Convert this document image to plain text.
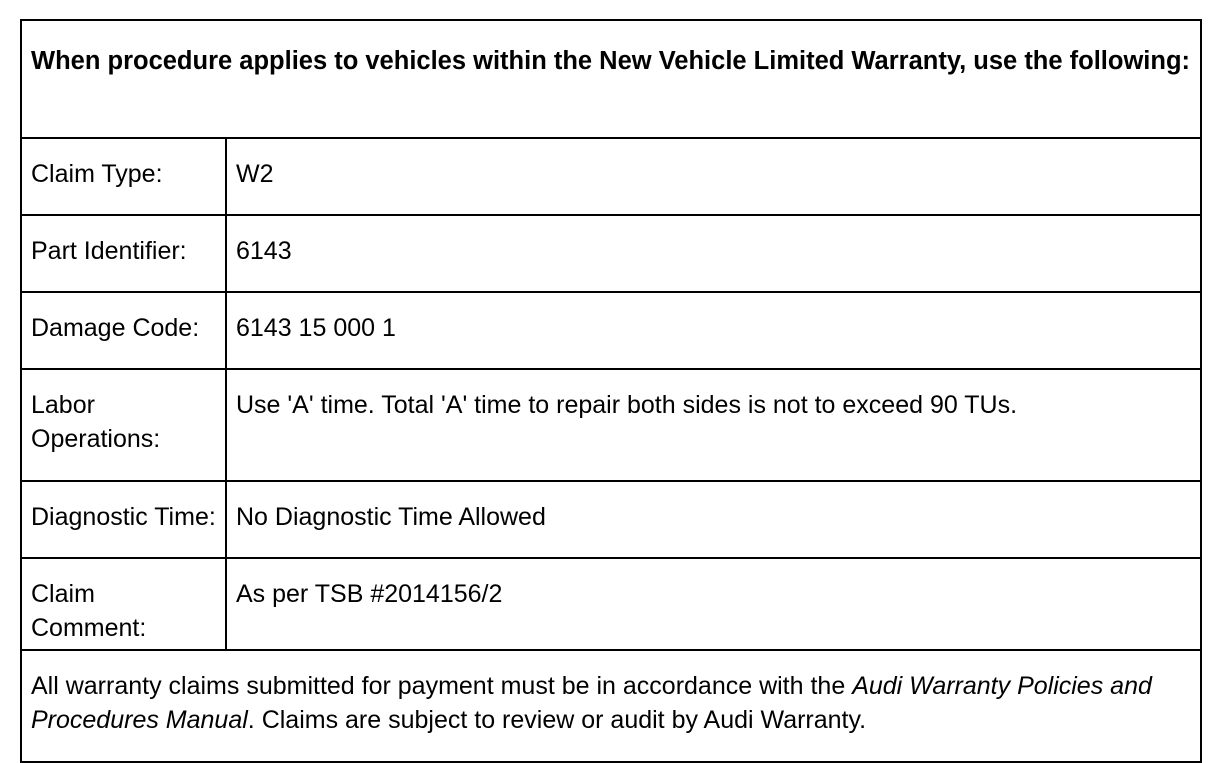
When procedure applies to vehicles within the New Vehicle Limited Warranty, use the following:	

Claim Type:	W2
Part Identifier:	6143
Damage Code:	6143 15 000 1
Labor Operations:	Use 'A' time. Total 'A' time to repair both sides is not to exceed 90 TUs.
Diagnostic Time:	No Diagnostic Time Allowed
Claim Comment:	As per TSB #2014156/2
All warranty claims submitted for payment must be in accordance with the Audi Warranty Policies and Procedures Manual. Claims are subject to review or audit by Audi Warranty.	
